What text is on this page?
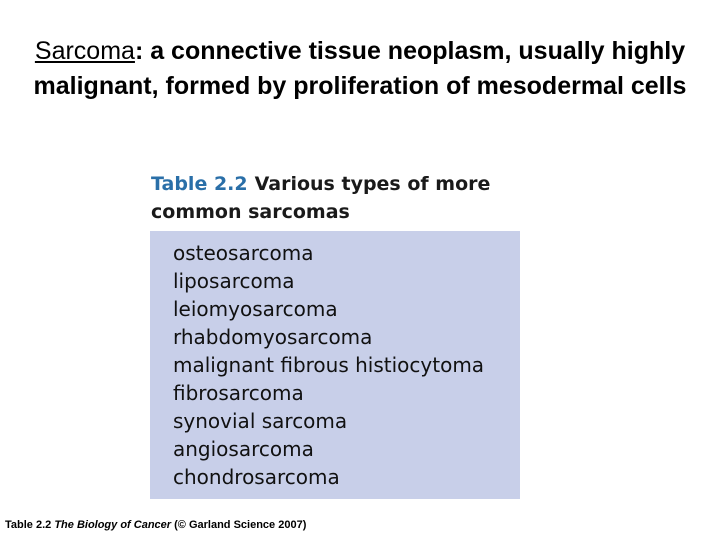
Sarcoma: a connective tissue neoplasm, usually highly malignant, formed by proliferation of mesodermal cells
Table 2.2 Various types of more common sarcomas
osteosarcoma
liposarcoma
leiomyosarcoma
rhabdomyosarcoma
malignant fibrous histiocytoma
fibrosarcoma
synovial sarcoma
angiosarcoma
chondrosarcoma
Table 2.2 The Biology of Cancer (© Garland Science 2007)
